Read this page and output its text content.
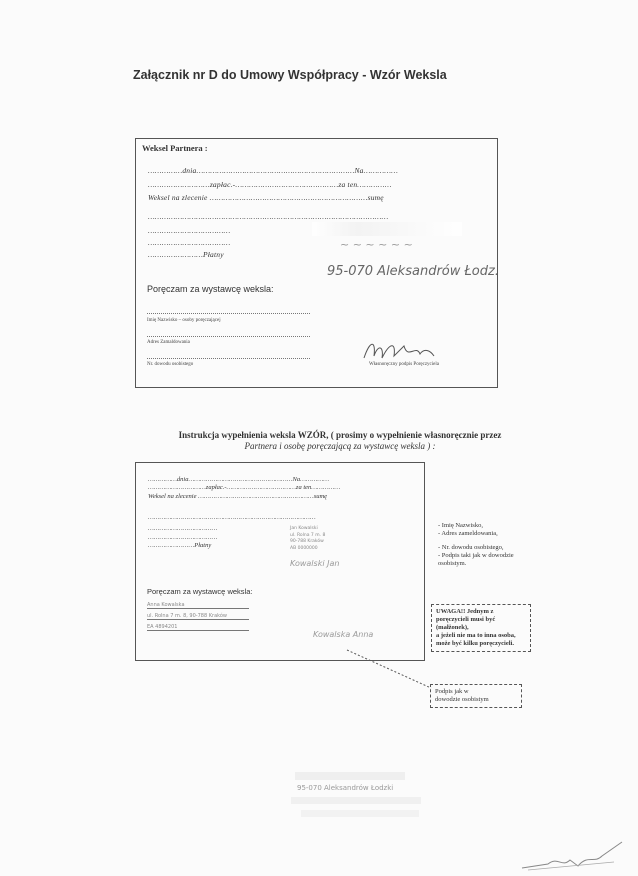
Załącznik nr D do Umowy Współpracy - Wzór Weksla
Weksel Partnera :
……………dnia……………………………………………………………Na……………
………………………zapłac.-………………………………………za ten……………
Weksel na zlecenie ……………………………………………………………sumę
……………………………………………………………………………………………
………………………………
………………………………
……………………Płatny
~ ~ ~ ~ ~ ~
95-070 Aleksandrów Łodz.
Poręczam za wystawcę weksla:
Imię Nazwisko – osoby poręczającej
Adres Zamaldowania
Nr. dowodu osobistego	Własnoręczny podpis Poręczyciela
Instrukcja wypełnienia weksla WZÓR, ( prosimy o wypełnienie własnoręcznie przez
Partnera i osobę poręczającą za wystawcę weksla ) :
……………dnia………………………………………………Na……………
…………………………zapłac.-………………………………za ten……………
Weksel na zlecenie ……………………………………………………sumę
……………………………………………………………………………
………………………………
………………………………
……………………Płatny
Jan Kowalski
ul. Rolna 7 m. 8
90-788 Kraków
AB 0000000
Kowalski Jan
Poręczam za wystawcę weksla:
Anna Kowalska
ul. Rolna 7 m. 8, 90-788 Kraków
EA 4894201
Kowalska Anna
- Imię Nazwisko,
- Adres zameldowania,
- Nr. dowodu osobistego,
- Podpis taki jak w dowodzie
osobistym.
UWAGA!! Jednym z
poręczycieli musi być
(małżonek),
a jeżeli nie ma to inna osoba,
może być kilku poręczycieli.
Podpis jak w
dowodzie osobistym
95-070 Aleksandrów Łodzki
